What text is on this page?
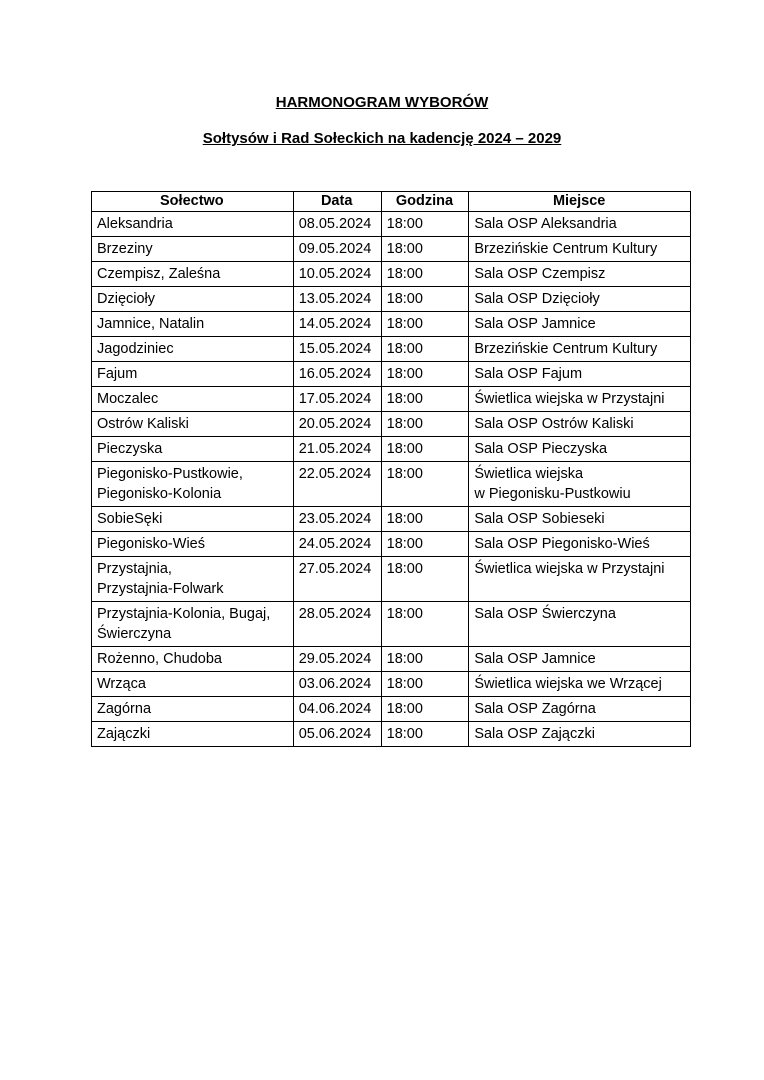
HARMONOGRAM WYBORÓW
Sołtysów i Rad Sołeckich na kadencję 2024 – 2029
Sołectwo	Data	Godzina	Miejsce

Aleksandria	08.05.2024	18:00	Sala OSP Aleksandria

Brzeziny	09.05.2024	18:00	Brzezińskie Centrum Kultury

Czempisz, Zaleśna	10.05.2024	18:00	Sala OSP Czempisz

Dzięcioły	13.05.2024	18:00	Sala OSP Dzięcioły

Jamnice, Natalin	14.05.2024	18:00	Sala OSP Jamnice

Jagodziniec	15.05.2024	18:00	Brzezińskie Centrum Kultury

Fajum	16.05.2024	18:00	Sala OSP Fajum

Moczalec	17.05.2024	18:00	Świetlica wiejska w Przystajni

Ostrów Kaliski	20.05.2024	18:00	Sala OSP Ostrów Kaliski

Pieczyska	21.05.2024	18:00	Sala OSP Pieczyska

Piegonisko-Pustkowie,
Piegonisko-Kolonia	22.05.2024	18:00	Świetlica wiejska
w Piegonisku-Pustkowiu

SobieSęki	23.05.2024	18:00	Sala OSP Sobieseki

Piegonisko-Wieś	24.05.2024	18:00	Sala OSP Piegonisko-Wieś

Przystajnia,
Przystajnia-Folwark	27.05.2024	18:00	Świetlica wiejska w Przystajni

Przystajnia-Kolonia, Bugaj,
Świerczyna	28.05.2024	18:00	Sala OSP Świerczyna

Rożenno, Chudoba	29.05.2024	18:00	Sala OSP Jamnice

Wrząca	03.06.2024	18:00	Świetlica wiejska we Wrzącej

Zagórna	04.06.2024	18:00	Sala OSP Zagórna

Zajączki	05.06.2024	18:00	Sala OSP Zajączki
